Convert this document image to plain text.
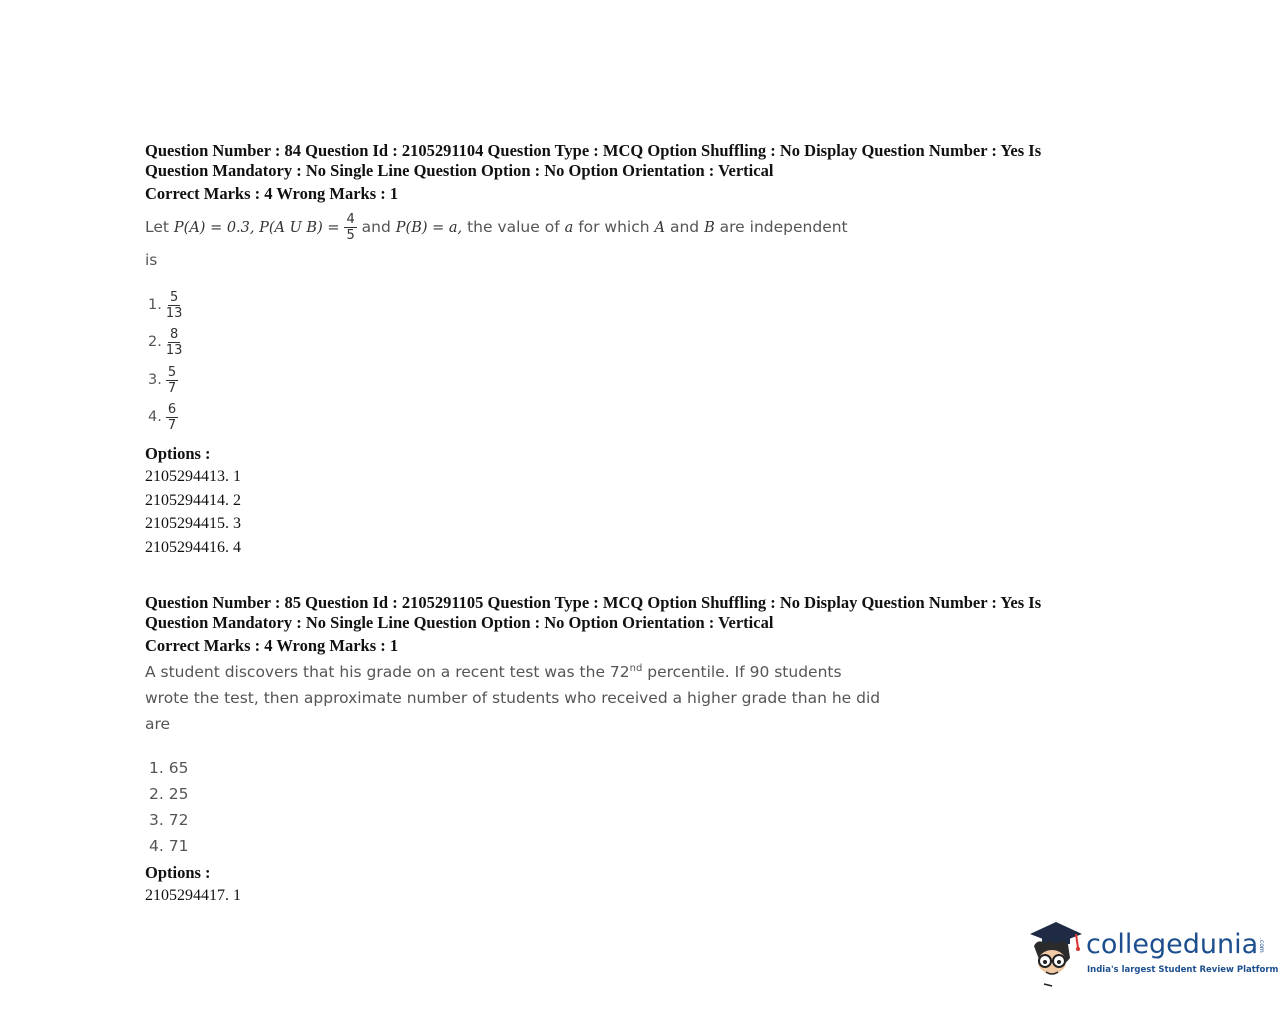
Question Number : 84 Question Id : 2105291104 Question Type : MCQ Option Shuffling : No Display Question Number : Yes Is

Question Mandatory : No Single Line Question Option : No Option Orientation : Vertical

Correct Marks : 4 Wrong Marks : 1
Let P(A) = 0.3, P(A U $B) = \frac{4}{5}$ and P(B) = a, the value of a for which A and B are independent
is
1. $\frac{5}{13}$
2. $\frac{8}{13}$
3. $\frac{5}{7}$
4. $\frac{6}{7}$
Options :
2105294413. 1
2105294414. 2
2105294415. 3
2105294416. 4

Question Number : 85 Question Id : 2105291105 Question Type : MCQ Option Shuffling : No Display Question Number : Yes Is

Question Mandatory : No Single Line Question Option : No Option Orientation : Vertical

Correct Marks : 4 Wrong Marks : 1
A student discovers that his grade on a recent test was the 72nd percentile. If 90 students
wrote the test, then approximate number of students who received a higher grade than he did
are
1. 65
2. 25
3. 72
4. 71
Options :
2105294417. 1
collegedunia.com
India's largest Student Review Platform
